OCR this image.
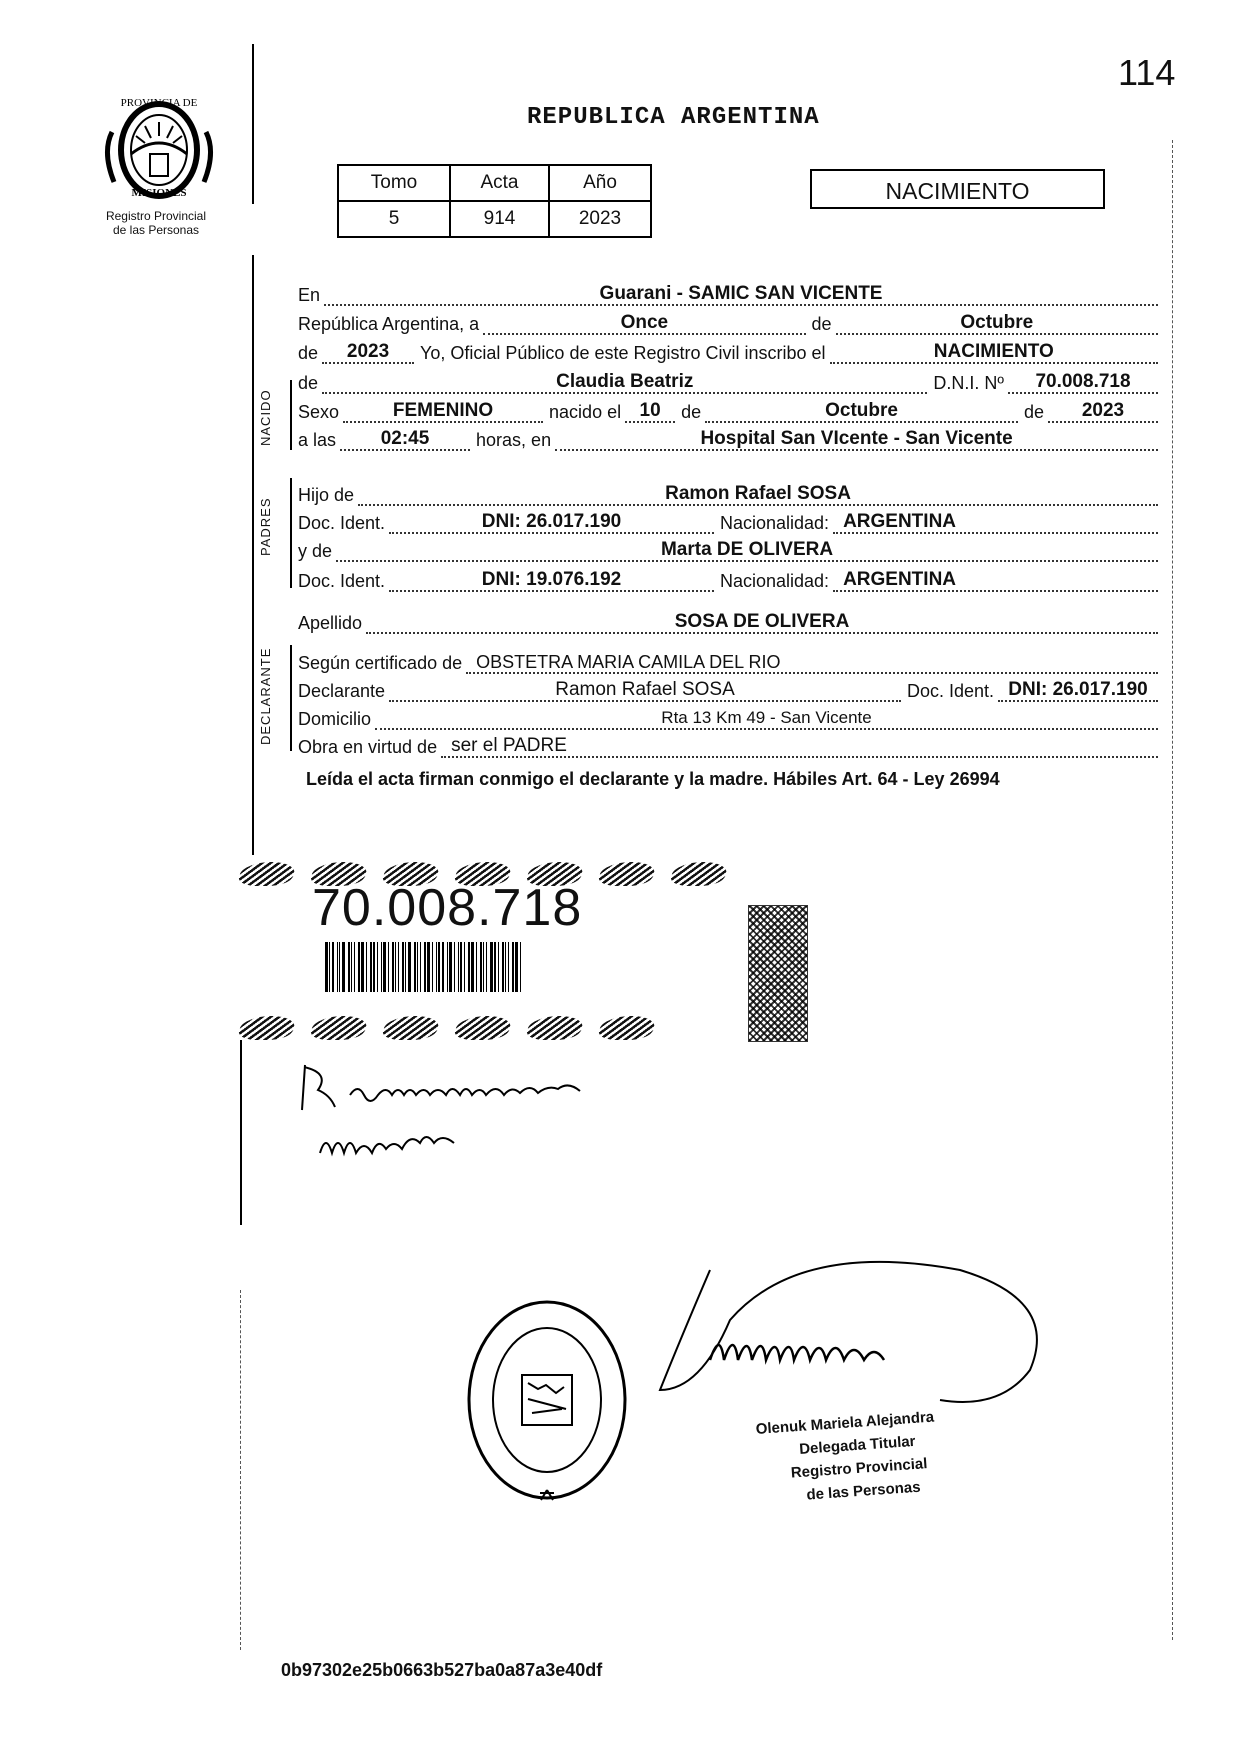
114
PROVINCIA DE
MISIONES
Registro Provincial
de las Personas
REPUBLICA ARGENTINA
Tomo	Acta	Año
5	914	2023
NACIMIENTO
NACIDO
PADRES
DECLARANTE
En	Guarani - SAMIC SAN VICENTE
República Argentina, a	Once	de	Octubre
de	2023	Yo, Oficial Público de este Registro Civil inscribo el	NACIMIENTO
de	Claudia Beatriz	D.N.I. Nº	70.008.718
Sexo	FEMENINO	nacido el 10	de	Octubre	de	2023
a las	02:45	horas, en	Hospital San VIcente - San Vicente
Hijo de	Ramon Rafael SOSA
Doc. Ident.	DNI: 26.017.190	Nacionalidad: ARGENTINA
y de	Marta DE OLIVERA
Doc. Ident.	DNI: 19.076.192	Nacionalidad: ARGENTINA
Apellido	SOSA DE OLIVERA
Según certificado de OBSTETRA MARIA CAMILA DEL RIO
Declarante	Ramon Rafael SOSA	Doc. Ident. DNI: 26.017.190
Domicilio	Rta 13 Km 49 - San Vicente
Obra en virtud de ser el PADRE
Leída el acta firman conmigo el declarante y la madre. Hábiles Art. 64 - Ley 26994
70.008.718
Olenuk Mariela Alejandra
Delegada Titular
Registro Provincial
de las Personas
0b97302e25b0663b527ba0a87a3e40df
